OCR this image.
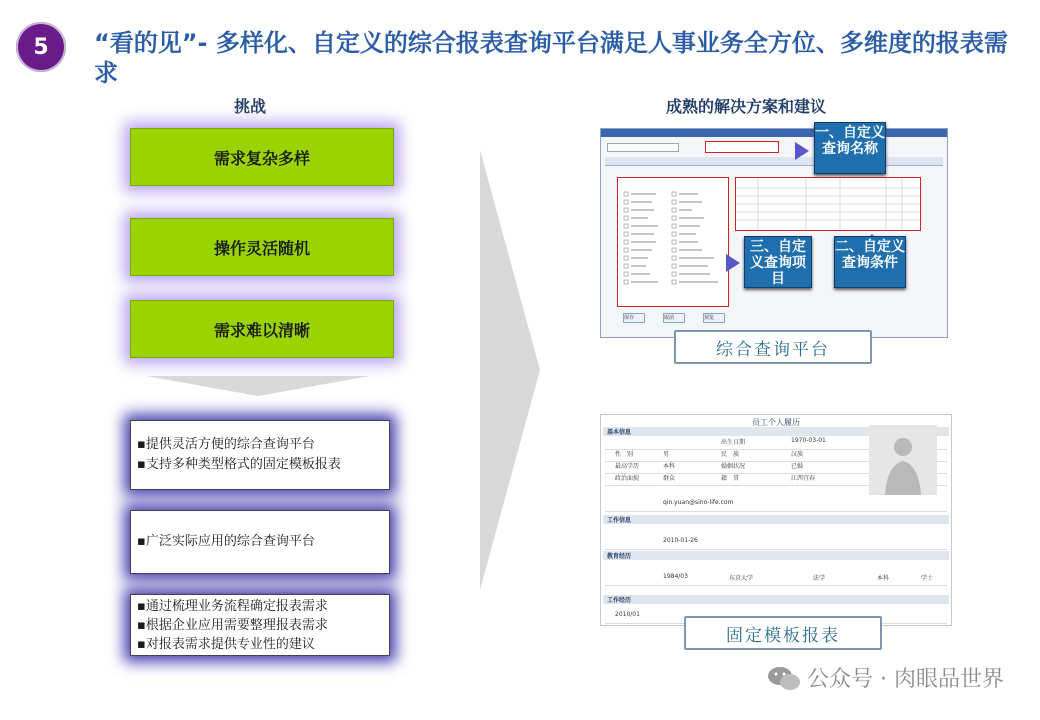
5	“看的见”- 多样化、自定义的综合报表查询平台满足人事业务全方位、多维度的报表需求
挑战
需求复杂多样
操作灵活随机
需求难以清晰
▪提供灵活方便的综合查询平台
▪支持多种类型格式的固定模板报表
▪广泛实际应用的综合查询平台
▪通过梳理业务流程确定报表需求
▪根据企业应用需要整理报表需求
▪对报表需求提供专业性的建议
成熟的解决方案和建议
保存	取消	预览
一、自定义查询名称
三、自定义查询项目
二、自定义查询条件
综合查询平台
员工个人履历
基本信息
出生日期	1970-03-01
性　别	男	民　族	汉族
最高学历	本科	婚姻状况	已婚
政治面貌	群众	籍　贯	江西宜春
qin.yuan@sino-life.com
工作信息
2010-01-26
教育经历
1984/03	东京大学	法学	本科	学士
工作经历
2010/01
固定模板报表
公众号 · 肉眼品世界
